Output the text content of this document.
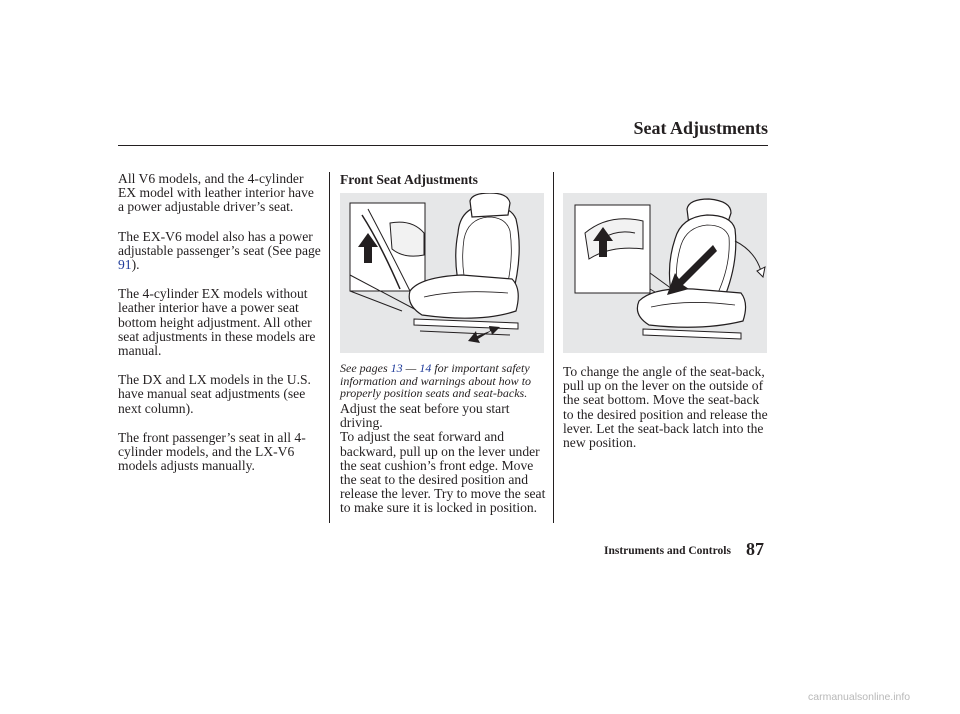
Seat Adjustments

All V6 models, and the 4-cylinder EX model with leather interior have a power adjustable driver’s seat.

The EX-V6 model also has a power adjustable passenger’s seat (See page 91).

The 4-cylinder EX models without leather interior have a power seat bottom height adjustment. All other seat adjustments in these models are manual.

The DX and LX models in the U.S. have manual seat adjustments (see next column).

The front passenger’s seat in all 4-cylinder models, and the LX-V6 models adjusts manually.

Front Seat Adjustments
See pages 13 — 14 for important safety information and warnings about how to properly position seats and seat-backs.

Adjust the seat before you start driving.

To adjust the seat forward and backward, pull up on the lever under the seat cushion’s front edge. Move the seat to the desired position and release the lever. Try to move the seat to make sure it is locked in position.

To change the angle of the seat-back, pull up on the lever on the outside of the seat bottom. Move the seat-back to the desired position and release the lever. Let the seat-back latch into the new position.

Instruments and Controls 87
carmanualsonline.info
